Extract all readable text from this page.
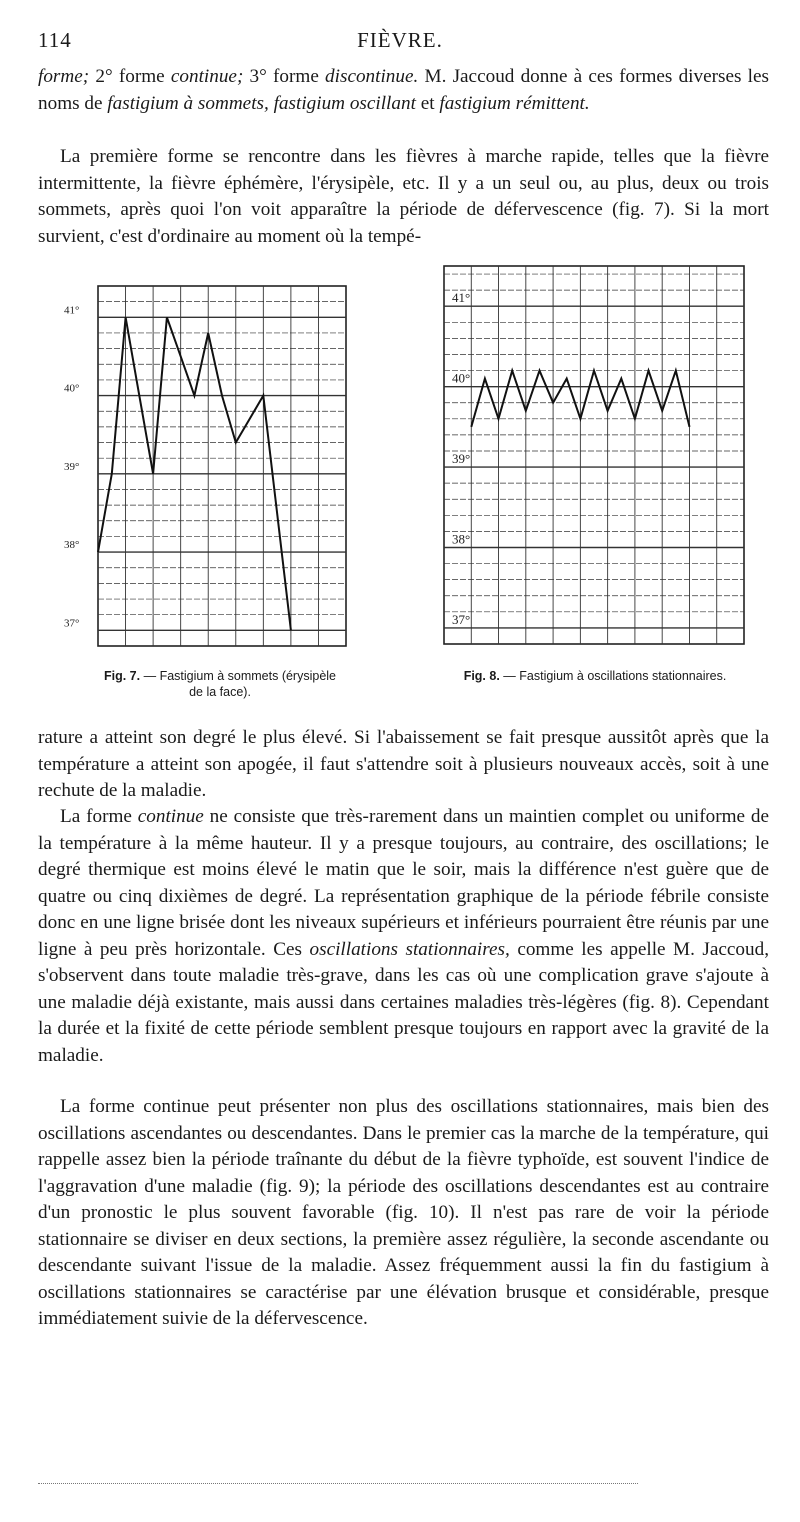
114	FIÈVRE.

forme; 2° forme continue; 3° forme discontinue. M. Jaccoud donne à ces formes diverses les noms de fastigium à sommets, fastigium oscillant et fastigium rémittent.

La première forme se rencontre dans les fièvres à marche rapide, telles que la fièvre intermittente, la fièvre éphémère, l'érysipèle, etc. Il y a un seul ou, au plus, deux ou trois sommets, après quoi l'on voit apparaître la période de défervescence (fig. 7). Si la mort survient, c'est d'ordinaire au moment où la tempé-

41°
40°
39°
38°
37°
41°
40°
39°
38°
37°
Fig. 7. — Fastigium à sommets (érysipèle de la face).
Fig. 8. — Fastigium à oscillations stationnaires.

rature a atteint son degré le plus élevé. Si l'abaissement se fait presque aussitôt après que la température a atteint son apogée, il faut s'attendre soit à plusieurs nouveaux accès, soit à une rechute de la maladie.

La forme continue ne consiste que très-rarement dans un maintien complet ou uniforme de la température à la même hauteur. Il y a presque toujours, au contraire, des oscillations; le degré thermique est moins élevé le matin que le soir, mais la différence n'est guère que de quatre ou cinq dixièmes de degré. La représentation graphique de la période fébrile consiste donc en une ligne brisée dont les niveaux supérieurs et inférieurs pourraient être réunis par une ligne à peu près horizontale. Ces oscillations stationnaires, comme les appelle M. Jaccoud, s'observent dans toute maladie très-grave, dans les cas où une complication grave s'ajoute à une maladie déjà existante, mais aussi dans certaines maladies très-légères (fig. 8). Cependant la durée et la fixité de cette période semblent presque toujours en rapport avec la gravité de la maladie.

La forme continue peut présenter non plus des oscillations stationnaires, mais bien des oscillations ascendantes ou descendantes. Dans le premier cas la marche de la température, qui rappelle assez bien la période traînante du début de la fièvre typhoïde, est souvent l'indice de l'aggravation d'une maladie (fig. 9); la période des oscillations descendantes est au contraire d'un pronostic le plus souvent favorable (fig. 10). Il n'est pas rare de voir la période stationnaire se diviser en deux sections, la première assez régulière, la seconde ascendante ou descendante suivant l'issue de la maladie. Assez fréquemment aussi la fin du fastigium à oscillations stationnaires se caractérise par une élévation brusque et considérable, presque immédiatement suivie de la défervescence.
